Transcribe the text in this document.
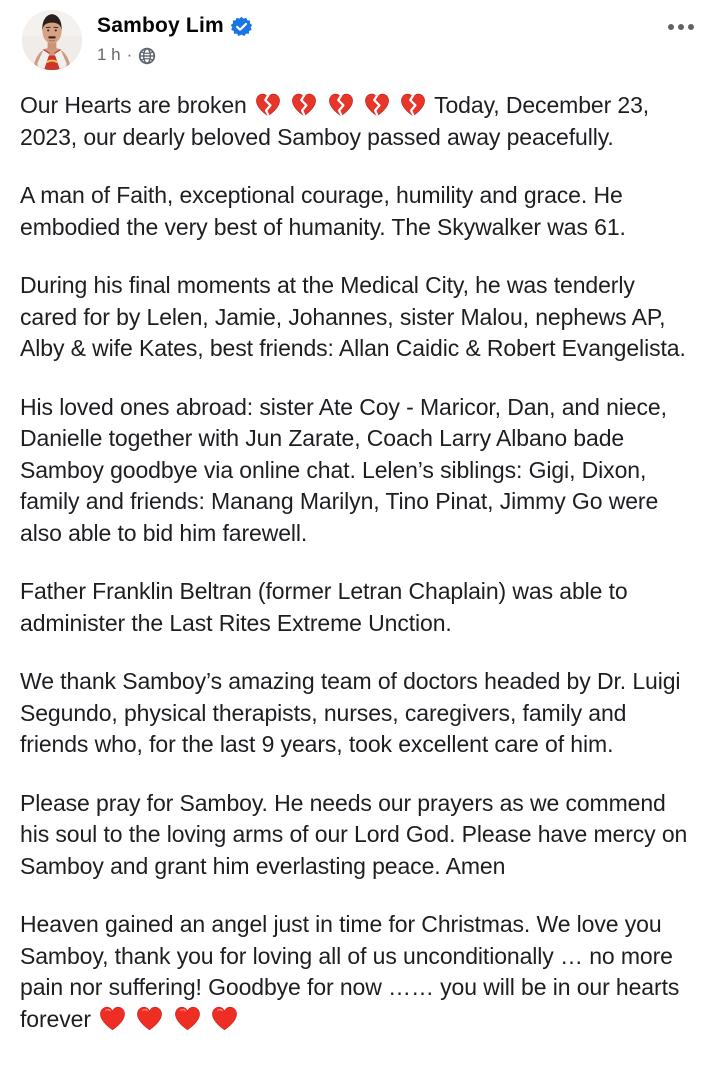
Samboy Lim
1 h ·

Our Hearts are broken

	Today, December 23, 2023, our dearly beloved Samboy passed away peacefully.

A man of Faith, exceptional courage, humility and grace. He embodied the very best of humanity. The Skywalker was 61.

During his final moments at the Medical City, he was tenderly cared for by Lelen, Jamie, Johannes, sister Malou, nephews AP, Alby & wife Kates, best friends: Allan Caidic & Robert Evangelista.

His loved ones abroad: sister Ate Coy - Maricor, Dan, and niece, Danielle together with Jun Zarate, Coach Larry Albano bade Samboy goodbye via online chat. Lelen’s siblings: Gigi, Dixon, family and friends: Manang Marilyn, Tino Pinat, Jimmy Go were also able to bid him farewell.

Father Franklin Beltran (former Letran Chaplain) was able to administer the Last Rites Extreme Unction.

We thank Samboy’s amazing team of doctors headed by Dr. Luigi Segundo, physical therapists, nurses, caregivers, family and friends who, for the last 9 years, took excellent care of him.

Please pray for Samboy. He needs our prayers as we commend his soul to the loving arms of our Lord God. Please have mercy on Samboy and grant him everlasting peace. Amen

Heaven gained an angel just in time for Christmas. We love you Samboy, thank you for loving all of us unconditionally … no more pain nor suffering! Goodbye for now …… you will be in our hearts forever
